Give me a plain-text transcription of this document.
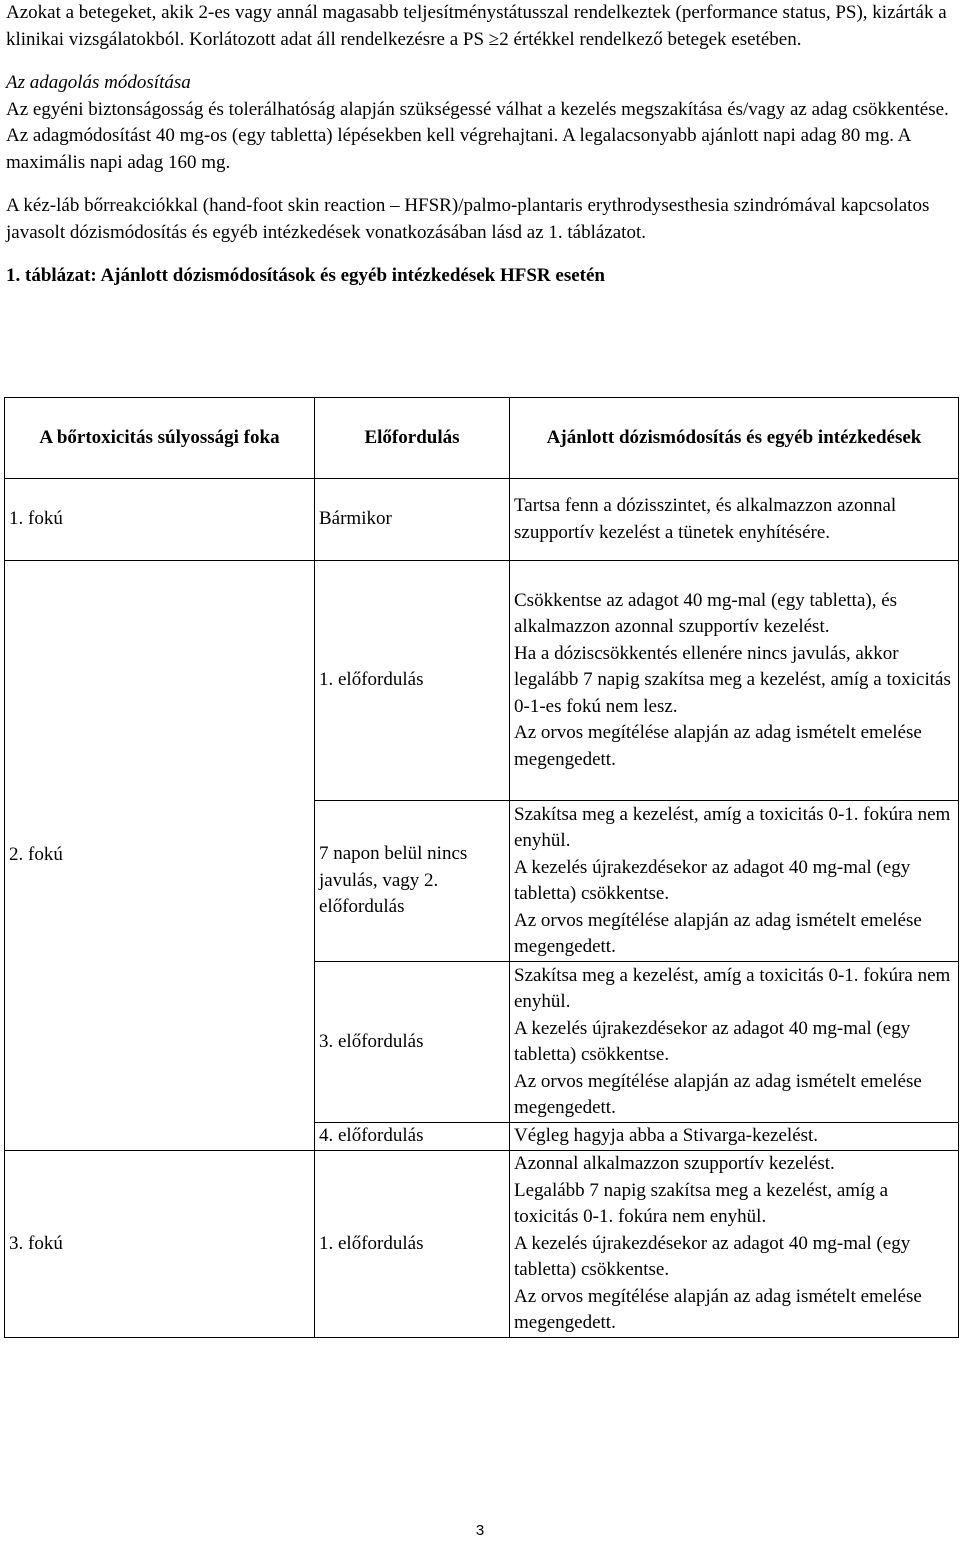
Azokat a betegeket, akik 2-es vagy annál magasabb teljesítménystátusszal rendelkeztek (performance status, PS), kizárták a klinikai vizsgálatokból. Korlátozott adat áll rendelkezésre a PS ≥2 értékkel rendelkező betegek esetében.

Az adagolás módosítása

Az egyéni biztonságosság és tolerálhatóság alapján szükségessé válhat a kezelés megszakítása és/vagy az adag csökkentése. Az adagmódosítást 40 mg-os (egy tabletta) lépésekben kell végrehajtani. A legalacsonyabb ajánlott napi adag 80 mg. A maximális napi adag 160 mg.

A kéz-láb bőrreakciókkal (hand-foot skin reaction – HFSR)/palmo-plantaris erythrodysesthesia szindrómával kapcsolatos javasolt dózismódosítás és egyéb intézkedések vonatkozásában lásd az 1. táblázatot.

1. táblázat: Ajánlott dózismódosítások és egyéb intézkedések HFSR esetén

A bőrtoxicitás súlyossági foka	Előfordulás	Ajánlott dózismódosítás és egyéb intézkedések
1. fokú	Bármikor	Tartsa fenn a dózisszintet, és alkalmazzon azonnal szupportív kezelést a tünetek enyhítésére.
2. fokú	1. előfordulás	Csökkentse az adagot 40 mg-mal (egy tabletta), és alkalmazzon azonnal szupportív kezelést.
Ha a dóziscsökkentés ellenére nincs javulás, akkor legalább 7 napig szakítsa meg a kezelést, amíg a toxicitás 0-1-es fokú nem lesz.
Az orvos megítélése alapján az adag ismételt emelése megengedett.

	7 napon belül nincs javulás, vagy 2. előfordulás	Szakítsa meg a kezelést, amíg a toxicitás 0-1. fokúra nem enyhül.
A kezelés újrakezdésekor az adagot 40 mg-mal (egy tabletta) csökkentse.
Az orvos megítélése alapján az adag ismételt emelése megengedett.

	3. előfordulás	Szakítsa meg a kezelést, amíg a toxicitás 0-1. fokúra nem enyhül.
A kezelés újrakezdésekor az adagot 40 mg-mal (egy tabletta) csökkentse.
Az orvos megítélése alapján az adag ismételt emelése megengedett.

	4. előfordulás	Végleg hagyja abba a Stivarga-kezelést.

3. fokú	1. előfordulás	Azonnal alkalmazzon szupportív kezelést.
Legalább 7 napig szakítsa meg a kezelést, amíg a toxicitás 0-1. fokúra nem enyhül.
A kezelés újrakezdésekor az adagot 40 mg-mal (egy tabletta) csökkentse.
Az orvos megítélése alapján az adag ismételt emelése megengedett.
3
